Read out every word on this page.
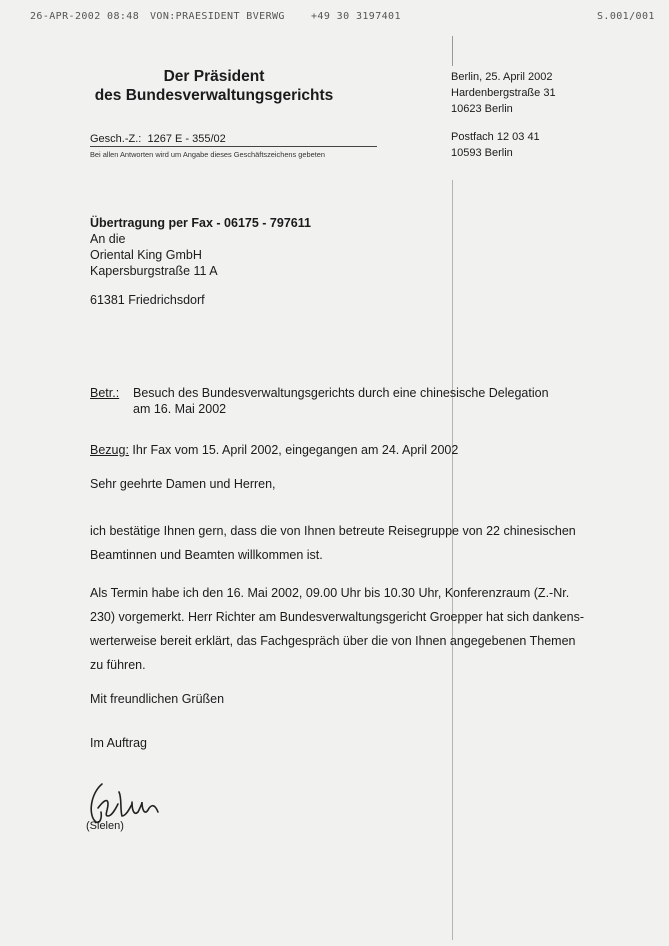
26-APR-2002 08:48 VON:PRAESIDENT BVERWG	+49 30 3197401	S.001/001
Der Präsident
des Bundesverwaltungsgerichts
Berlin, 25. April 2002
Hardenbergstraße 31
10623 Berlin
Postfach 12 03 41
10593 Berlin
Gesch.-Z.: 1267 E - 355/02
Bei allen Antworten wird um Angabe dieses Geschäftszeichens gebeten
Übertragung per Fax - 06175 - 797611
An die
Oriental King GmbH
Kapersburgstraße 11 A
61381 Friedrichsdorf
Betr.: Besuch des Bundesverwaltungsgerichts durch eine chinesische Delegation
am 16. Mai 2002
Bezug: Ihr Fax vom 15. April 2002, eingegangen am 24. April 2002
Sehr geehrte Damen und Herren,
ich bestätige Ihnen gern, dass die von Ihnen betreute Reisegruppe von 22 chinesischen
Beamtinnen und Beamten willkommen ist.
Als Termin habe ich den 16. Mai 2002, 09.00 Uhr bis 10.30 Uhr, Konferenzraum (Z.-Nr.
230) vorgemerkt. Herr Richter am Bundesverwaltungsgericht Groepper hat sich dankens-
werterweise bereit erklärt, das Fachgespräch über die von Ihnen angegebenen Themen
zu führen.
Mit freundlichen Grüßen
Im Auftrag
(Sielen)
